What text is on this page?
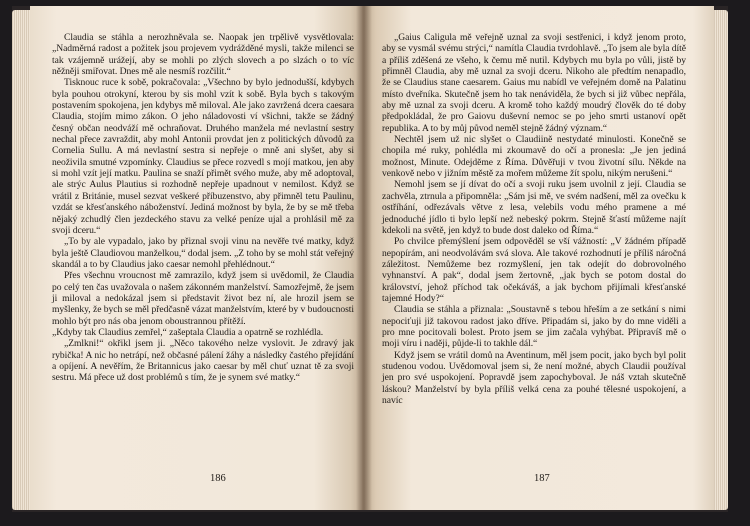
Claudia se stáhla a nerozhněvala se. Naopak jen trpělivě vysvětlovala: „Nadměrná radost a požitek jsou projevem vydrážděné mysli, takže milenci se tak vzájemně urážejí, aby se mohli po zlých slovech a po slzách o to víc něžněji smiřovat. Dnes mě ale nesmíš rozčilit.“

Tisknouc ruce k sobě, pokračovala: „Všechno by bylo jednodušší, kdybych byla pouhou otrokyní, kterou by sis mohl vzít k sobě. Byla bych s takovým postavením spokojena, jen kdybys mě miloval. Ale jako zavržená dcera caesara Claudia, stojím mimo zákon. O jeho náladovosti ví všichni, takže se žádný česný občan neodváží mě ochraňovat. Druhého manžela mé nevlastní sestry nechal přece zavraždit, aby mohl Antonii provdat jen z politických důvodů za Cornelia Sullu. A má nevlastní sestra si nepřeje o mně ani slyšet, aby si neoživila smutné vzpomínky. Claudius se přece rozvedl s mojí matkou, jen aby si mohl vzít její matku. Paulina se snaží přimět svého muže, aby mě adoptoval, ale strýc Aulus Plautius si rozhodně nepřeje upadnout v nemilost. Když se vrátil z Británie, musel sezvat veškeré příbuzenstvo, aby přimněl tetu Paulinu, vzdát se křesťanského náboženství. Jediná možnost by byla, že by se mě třeba nějaký zchudlý člen jezdeckého stavu za velké peníze ujal a prohlásil mě za svoji dceru.“

„To by ale vypadalo, jako by přiznal svoji vinu na nevěře tvé matky, když byla ještě Claudiovou manželkou,“ dodal jsem. „Z toho by se mohl stát veřejný skandál a to by Claudius jako caesar nemohl přehlédnout.“

Přes všechnu vroucnost mě zamrazilo, když jsem si uvědomil, že Claudia po celý ten čas uvažovala o našem zákonném manželství. Samozřejmě, že jsem ji miloval a nedokázal jsem si představit život bez ní, ale hrozil jsem se myšlenky, že bych se měl předčasně vázat manželstvím, které by v budoucnosti mohlo být pro nás oba jenom oboustrannou přítěží.

„Kdyby tak Claudius zemřel,“ zašeptala Claudia a opatrně se rozhlédla.

„Zmlkni!“ okřikl jsem ji. „Něco takového nelze vyslovit. Je zdravý jak rybička! A nic ho netrápí, než občasné pálení žáhy a následky častého přejídání a opíjení. A nevěřím, že Britannicus jako caesar by měl chuť uznat tě za svoji sestru. Má přece už dost problémů s tím, že je synem své matky.“

186

„Gaius Caligula mě veřejně uznal za svoji sestřenici, i když jenom proto, aby se vysmál svému strýci,“ namítla Claudia tvrdohlavě. „To jsem ale byla dítě a příliš zděšená ze všeho, k čemu mě nutil. Kdybych mu byla po vůli, jistě by přimněl Claudia, aby mě uznal za svoji dceru. Nikoho ale předtím nenapadlo, že se Claudius stane caesarem. Gaius mu nabídl ve veřejném domě na Palatinu místo dveřníka. Skutečně jsem ho tak nenáviděla, že bych si již vůbec nepřála, aby mě uznal za svoji dceru. A kromě toho každý moudrý člověk do té doby předpokládal, že pro Gaiovu duševní nemoc se po jeho smrti ustanoví opět republika. A to by můj původ neměl stejně žádný význam.“

Nechtěl jsem už nic slyšet o Claudiině nestydaté minulosti. Konečně se chopila mé ruky, pohlédla mi zkoumavě do očí a pronesla: „Je jen jediná možnost, Minute. Odejděme z Říma. Důvěřuji v tvou životní sílu. Někde na venkově nebo v jižním městě za mořem můžeme žít spolu, nikým nerušeni.“

Nemohl jsem se jí dívat do očí a svoji ruku jsem uvolnil z její. Claudia se zachvěla, ztrnula a připomněla: „Sám jsi mě, ve svém nadšení, měl za ovečku k ostříhání, odřezávals větve z lesa, velebils vodu mého pramene a mé jednoduché jídlo ti bylo lepší než nebeský pokrm. Stejně šťastí můžeme najít kdekoli na světě, jen když to bude dost daleko od Říma.“

Po chvilce přemýšlení jsem odpověděl se vší vážností: „V žádném případě nepopírám, ani neodvolávám svá slova. Ale takové rozhodnutí je příliš náročná záležitost. Nemůžeme bez rozmyšlení, jen tak odejít do dobrovolného vyhnanství. A pak“, dodal jsem žertovně, „jak bych se potom dostal do království, jehož příchod tak očekáváš, a jak bychom přijímali křesťanské tajemné Hody?“

Claudia se stáhla a přiznala: „Soustavně s tebou hřeším a ze setkání s nimi nepociťuji již takovou radost jako dříve. Připadám si, jako by do mne viděli a pro mne pocitovali bolest. Proto jsem se jim začala vyhýbat. Připravíš mě o moji víru i naději, půjde-li to takhle dál.“

Když jsem se vrátil domů na Aventinum, měl jsem pocit, jako bych byl polit studenou vodou. Uvědomoval jsem si, že není možné, abych Claudii používal jen pro své uspokojení. Popravdě jsem zapochyboval. Je náš vztah skutečně láskou? Manželství by byla příliš velká cena za pouhé tělesné uspokojení, a navíc

187
